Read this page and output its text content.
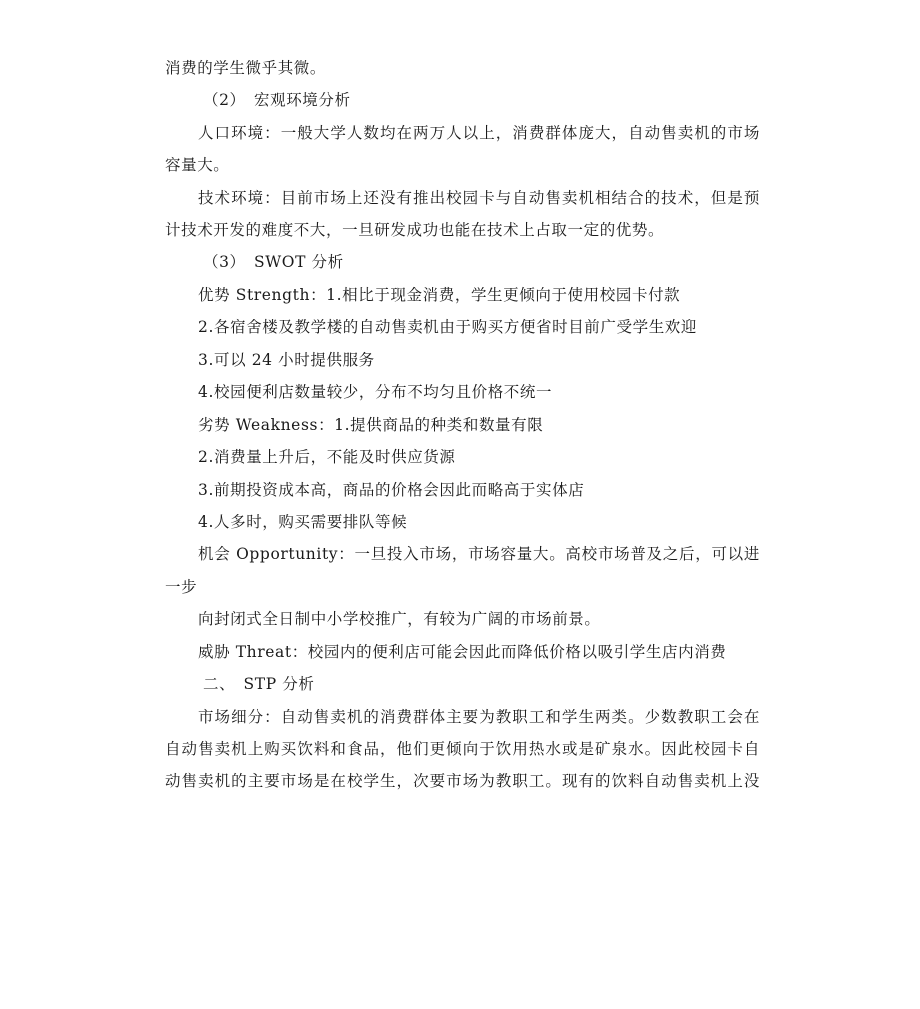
消费的学生微乎其微。
（2）　宏观环境分析
人口环境：一般大学人数均在两万人以上，消费群体庞大，自动售卖机的市场
容量大。
技术环境：目前市场上还没有推出校园卡与自动售卖机相结合的技术，但是预
计技术开发的难度不大，一旦研发成功也能在技术上占取一定的优势。
（3）　SWOT 分析
优势 Strength：1.相比于现金消费，学生更倾向于使用校园卡付款
2.各宿舍楼及教学楼的自动售卖机由于购买方便省时目前广受学生欢迎
3.可以 24 小时提供服务
4.校园便利店数量较少，分布不均匀且价格不统一
劣势 Weakness：1.提供商品的种类和数量有限
2.消费量上升后，不能及时供应货源
3.前期投资成本高，商品的价格会因此而略高于实体店
4.人多时，购买需要排队等候
机会 Opportunity：一旦投入市场，市场容量大。高校市场普及之后，可以进
一步
向封闭式全日制中小学校推广，有较为广阔的市场前景。
威胁 Threat：校园内的便利店可能会因此而降低价格以吸引学生店内消费
二、　STP 分析
市场细分：自动售卖机的消费群体主要为教职工和学生两类。少数教职工会在
自动售卖机上购买饮料和食品，他们更倾向于饮用热水或是矿泉水。因此校园卡自
动售卖机的主要市场是在校学生，次要市场为教职工。现有的饮料自动售卖机上没
